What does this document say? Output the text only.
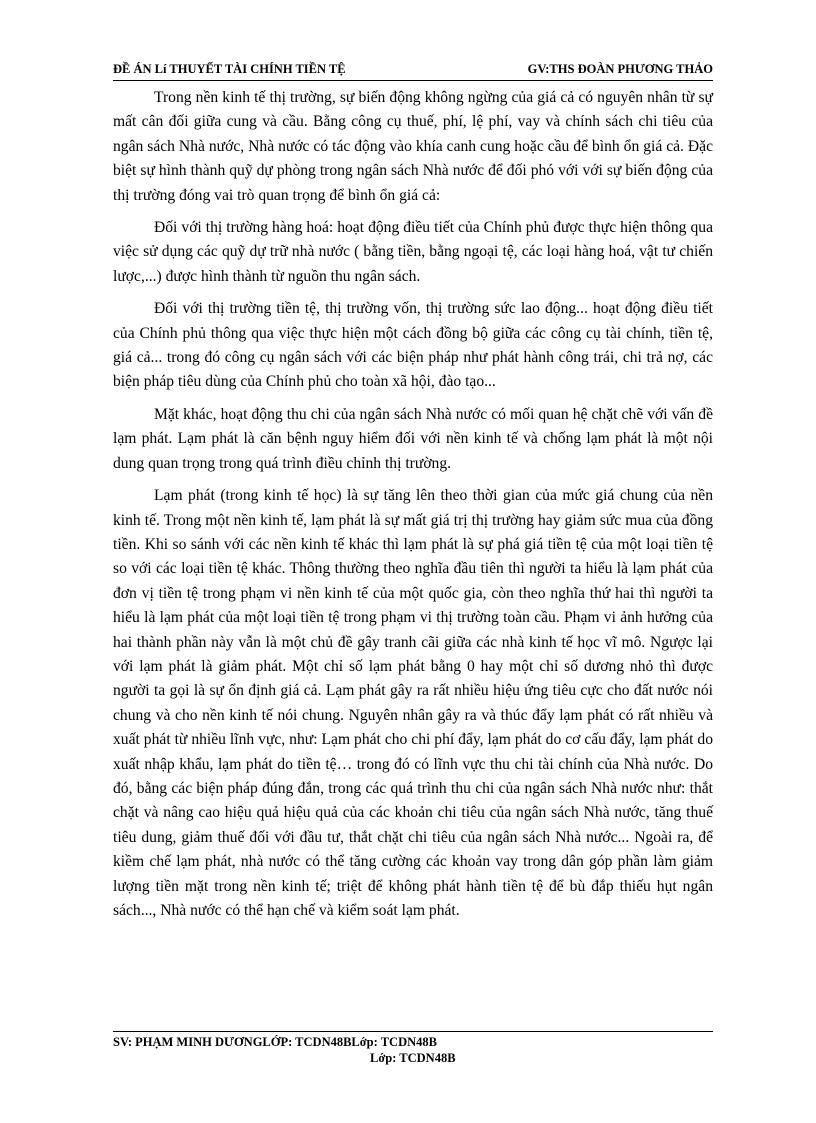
ĐỀ ÁN Lí THUYẾT TÀI CHÍNH TIỀN TỆ	GV:THS ĐOÀN PHƯƠNG THẢO

Trong nền kinh tế thị trường, sự biến động không ngừng của giá cả có nguyên nhân từ sự mất cân đối giữa cung và cầu. Bằng công cụ thuế, phí, lệ phí, vay và chính sách chi tiêu của ngân sách Nhà nước, Nhà nước có tác động vào khía canh cung hoặc cầu để bình ổn giá cả. Đặc biệt sự hình thành quỹ dự phòng trong ngân sách Nhà nước để đối phó với với sự biến động của thị trường đóng vai trò quan trọng để bình ổn giá cả:

Đối với thị trường hàng hoá: hoạt động điều tiết của Chính phủ được thực hiện thông qua việc sử dụng các quỹ dự trữ nhà nước ( bằng tiền, bằng ngoại tệ, các loại hàng hoá, vật tư chiến lược,...) được hình thành từ nguồn thu ngân sách.

Đối với thị trường tiền tệ, thị trường vốn, thị trường sức lao động... hoạt động điều tiết của Chính phủ thông qua việc thực hiện một cách đồng bộ giữa các công cụ tài chính, tiền tệ, giá cả... trong đó công cụ ngân sách với các biện pháp như phát hành công trái, chi trả nợ, các biện pháp tiêu dùng của Chính phủ cho toàn xã hội, đào tạo...

Mặt khác, hoạt động thu chi của ngân sách Nhà nước có mối quan hệ chặt chẽ với vấn đề lạm phát. Lạm phát là căn bệnh nguy hiểm đối với nền kinh tế và chống lạm phát là một nội dung quan trọng trong quá trình điều chỉnh thị trường.

Lạm phát (trong kinh tế học) là sự tăng lên theo thời gian của mức giá chung của nền kinh tế. Trong một nền kinh tế, lạm phát là sự mất giá trị thị trường hay giảm sức mua của đồng tiền. Khi so sánh với các nền kinh tế khác thì lạm phát là sự phá giá tiền tệ của một loại tiền tệ so với các loại tiền tệ khác. Thông thường theo nghĩa đầu tiên thì người ta hiểu là lạm phát của đơn vị tiền tệ trong phạm vi nền kinh tế của một quốc gia, còn theo nghĩa thứ hai thì người ta hiểu là lạm phát của một loại tiền tệ trong phạm vi thị trường toàn cầu. Phạm vi ảnh hưởng của hai thành phần này vẫn là một chủ đề gây tranh cãi giữa các nhà kinh tế học vĩ mô. Ngược lại với lạm phát là giảm phát. Một chỉ số lạm phát bằng 0 hay một chỉ số dương nhỏ thì được người ta gọi là sự ổn định giá cả. Lạm phát gây ra rất nhiều hiệu ứng tiêu cực cho đất nước nói chung và cho nền kinh tế nói chung. Nguyên nhân gây ra và thúc đẩy lạm phát có rất nhiều và xuất phát từ nhiều lĩnh vực, như: Lạm phát cho chi phí đẩy, lạm phát do cơ cấu đẩy, lạm phát do xuất nhập khẩu, lạm phát do tiền tệ… trong đó có lĩnh vực thu chi tài chính của Nhà nước. Do đó, bằng các biện pháp đúng đắn, trong các quá trình thu chi của ngân sách Nhà nước như: thắt chặt và nâng cao hiệu quả hiệu quả của các khoản chi tiêu của ngân sách Nhà nước, tăng thuế tiêu dung, giảm thuế đối với đầu tư, thắt chặt chi tiêu của ngân sách Nhà nước... Ngoài ra, để kiềm chế lạm phát, nhà nước có thể tăng cường các khoản vay trong dân góp phần làm giảm lượng tiền mặt trong nền kinh tế; triệt để không phát hành tiền tệ để bù đắp thiếu hụt ngân sách..., Nhà nước có thể hạn chế và kiểm soát lạm phát.

SV: PHẠM MINH DƯƠNGLỚP: TCDN48BLớp: TCDN48B
Lớp: TCDN48B
